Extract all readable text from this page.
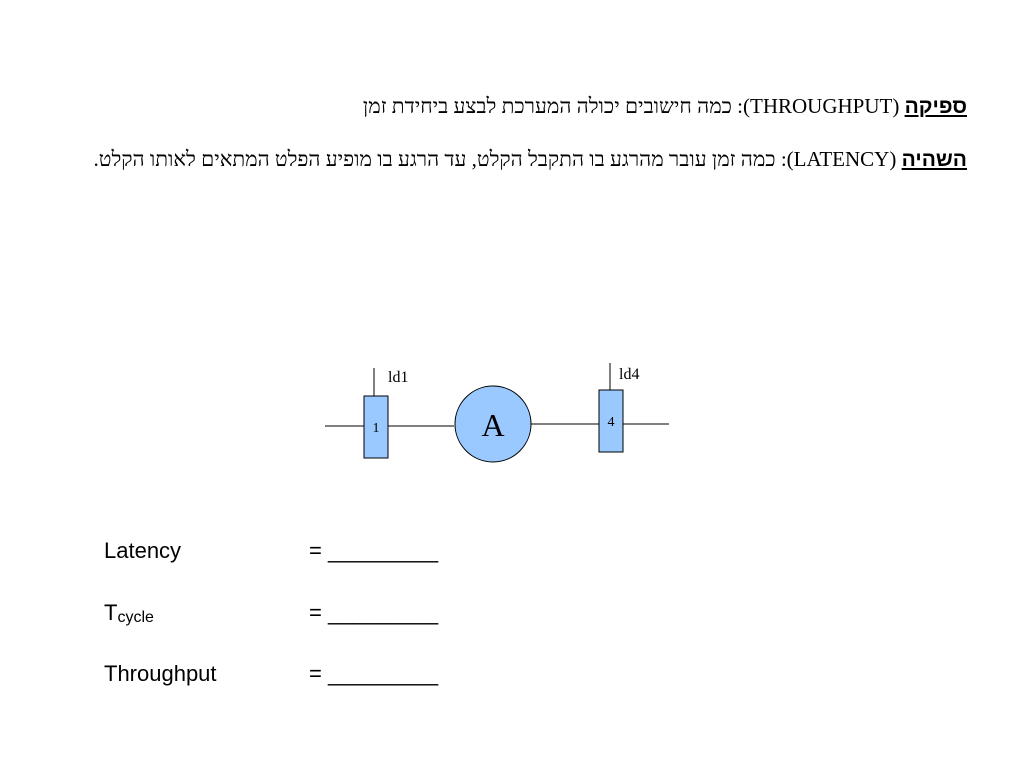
ספיקה (THROUGHPUT): כמה חישובים יכולה המערכת לבצע ביחידת זמן
השהיה (LATENCY): כמה זמן עובר מהרגע בו התקבל הקלט, עד הרגע בו מופיע הפלט המתאים לאותו הקלט.
ld1
1	A
ld4
4
Latency	= _________
$T_{cycle}$	= _________
Throughput	= _________
